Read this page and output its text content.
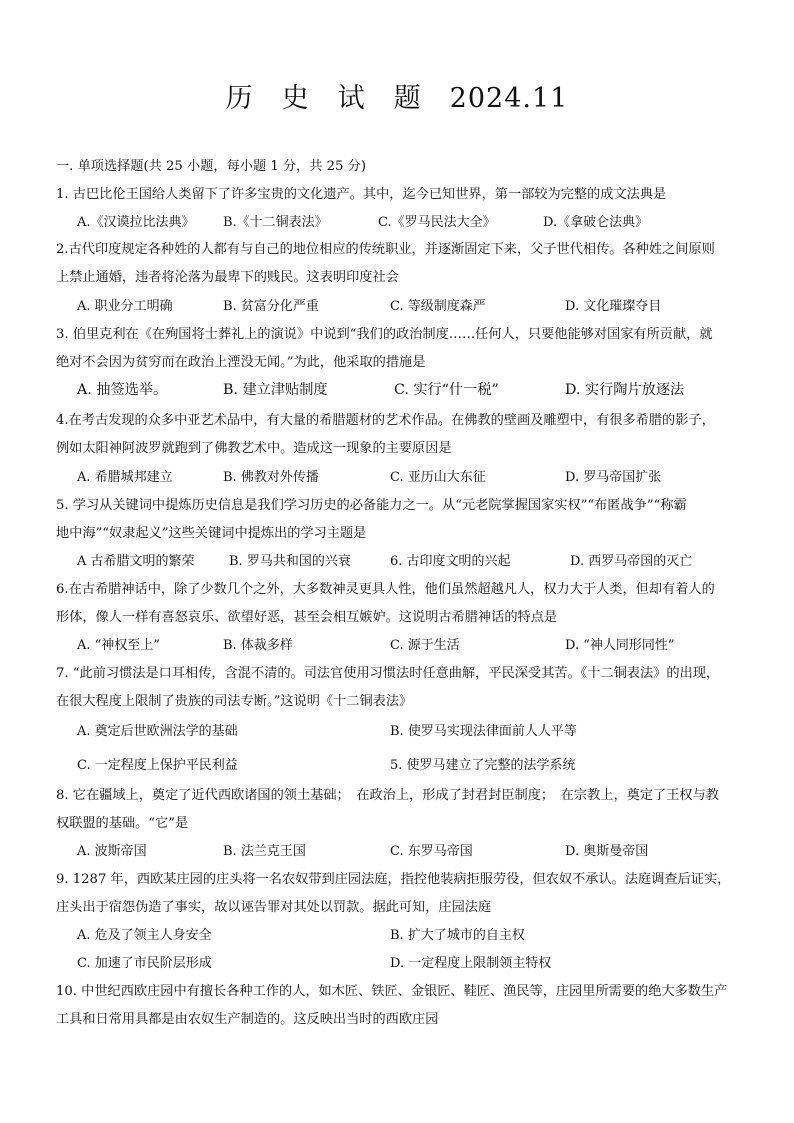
历　史　试　题　2024.11
一. 单项选择题(共 25 小题，每小题 1 分，共 25 分)
1. 古巴比伦王国给人类留下了许多宝贵的文化遗产。其中，迄今已知世界，第一部较为完整的成文法典是
A.《汉谟拉比法典》 B.《十二铜表法》	C.《罗马民法大全》	D.《拿破仑法典》
2.古代印度规定各种姓的人都有与自己的地位相应的传统职业，并逐渐固定下来，父子世代相传。各种姓之间原则
上禁止通婚，违者将沦落为最卑下的贱民。这表明印度社会
A. 职业分工明确	B. 贫富分化严重	C. 等级制度森严	D. 文化璀璨夺目
3. 伯里克利在《在殉国将士葬礼上的演说》中说到“我们的政治制度……任何人，只要他能够对国家有所贡献，就
绝对不会因为贫穷而在政治上湮没无闻。”为此，他采取的措施是
A. 抽签选举。	B. 建立津贴制度	C. 实行“什一税”	D. 实行陶片放逐法
4.在考古发现的众多中亚艺术品中，有大量的希腊题材的艺术作品。在佛教的壁画及雕塑中，有很多希腊的影子，
例如太阳神阿波罗就跑到了佛教艺术中。造成这一现象的主要原因是
A. 希腊城邦建立	B. 佛教对外传播	C. 亚历山大东征	D. 罗马帝国扩张
5. 学习从关键词中提炼历史信息是我们学习历史的必备能力之一。从“元老院掌握国家实权”“布匿战争”“称霸
地中海”“奴隶起义”这些关键词中提炼出的学习主题是
A 古希腊文明的繁荣	B. 罗马共和国的兴衰	6. 古印度文明的兴起	D. 西罗马帝国的灭亡
6.在古希腊神话中，除了少数几个之外，大多数神灵更具人性，他们虽然超越凡人，权力大于人类，但却有着人的
形体，像人一样有喜怒哀乐、欲望好恶，甚至会相互嫉妒。这说明古希腊神话的特点是
A. “神权至上”	B. 体裁多样	C. 源于生活	D. “神人同形同性”
7. “此前习惯法是口耳相传，含混不清的。司法官使用习惯法时任意曲解，平民深受其苦。《十二铜表法》的出现，
在很大程度上限制了贵族的司法专断。”这说明《十二铜表法》
A. 奠定后世欧洲法学的基础	B. 使罗马实现法律面前人人平等
C. 一定程度上保护平民利益	5. 使罗马建立了完整的法学系统
8. 它在疆域上，奠定了近代西欧诸国的领土基础；　在政治上，形成了封君封臣制度；　在宗教上，奠定了王权与教
权联盟的基础。“它”是
A. 波斯帝国	B. 法兰克王国	C. 东罗马帝国	D. 奥斯曼帝国
9. 1287 年，西欧某庄园的庄头将一名农奴带到庄园法庭，指控他装病拒服劳役，但农奴不承认。法庭调查后证实，
庄头出于宿怨伪造了事实，故以诬告罪对其处以罚款。据此可知，庄园法庭
A. 危及了领主人身安全	B. 扩大了城市的自主权
C. 加速了市民阶层形成	D. 一定程度上限制领主特权
10. 中世纪西欧庄园中有擅长各种工作的人，如木匠、铁匠、金银匠、鞋匠、渔民等，庄园里所需要的绝大多数生产
工具和日常用具都是由农奴生产制造的。这反映出当时的西欧庄园
